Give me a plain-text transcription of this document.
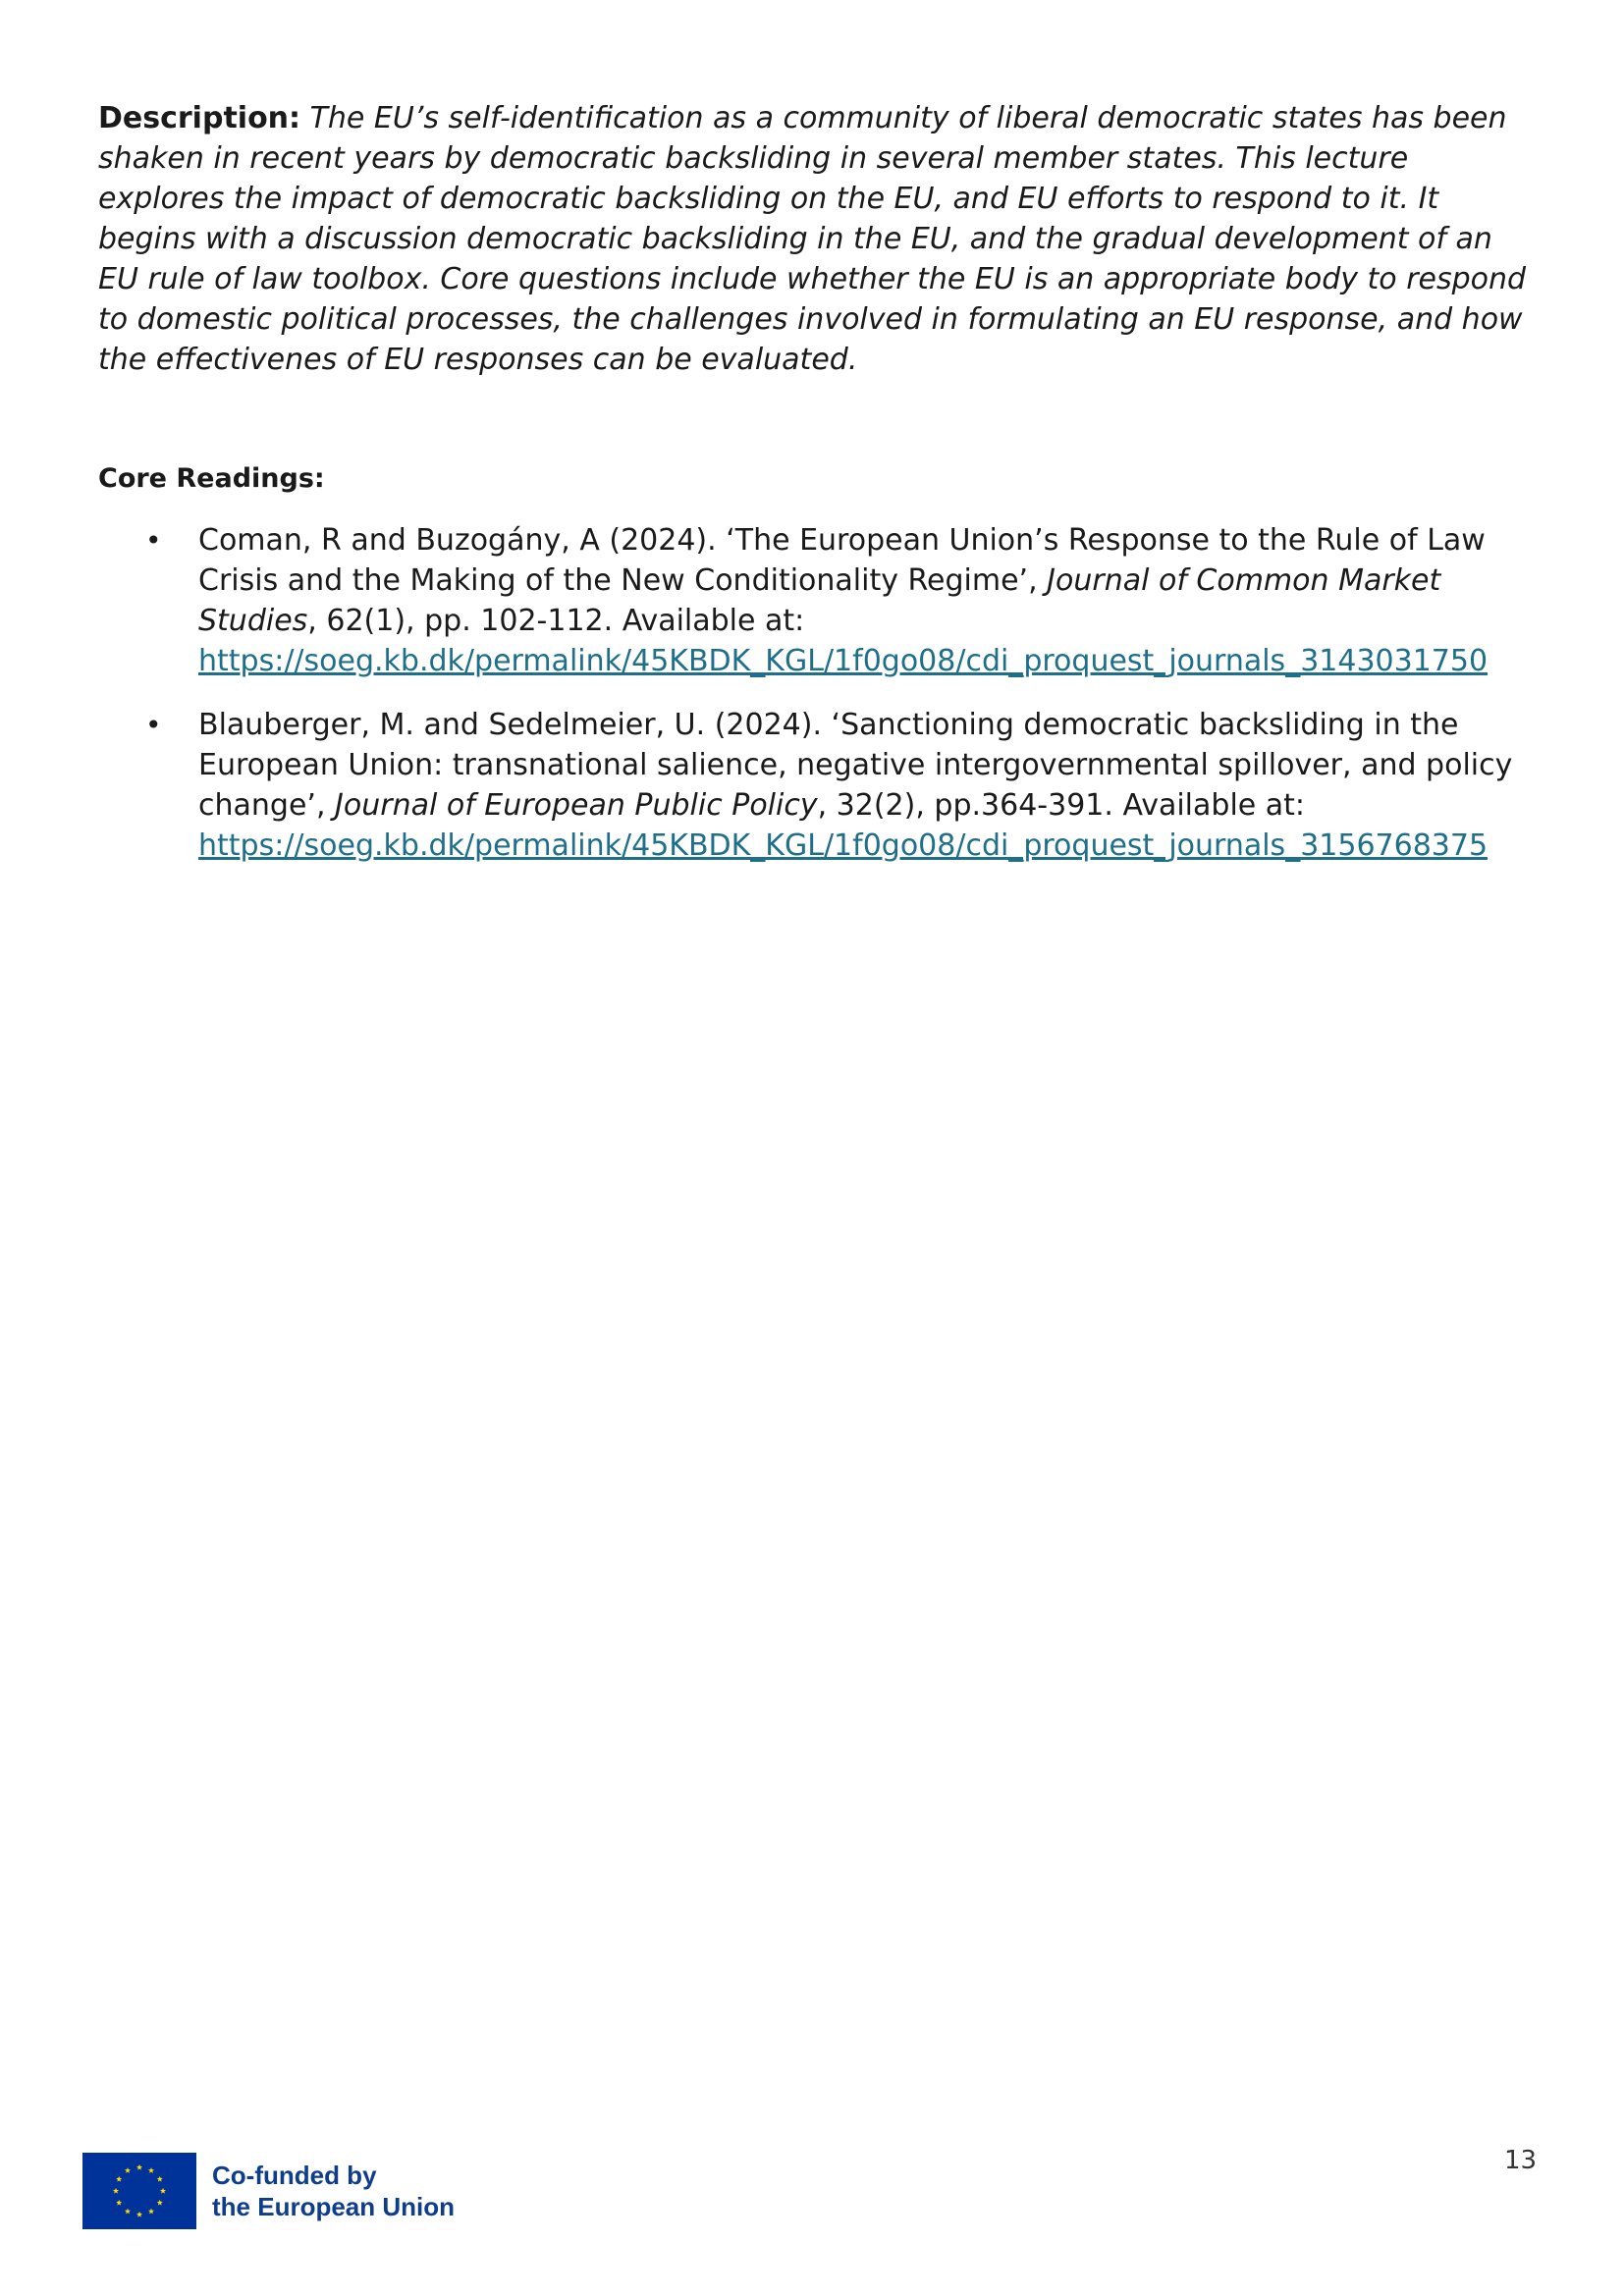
Description: The EU’s self-identification as a community of liberal democratic states has been shaken in recent years by democratic backsliding in several member states. This lecture explores the impact of democratic backsliding on the EU, and EU efforts to respond to it. It begins with a discussion democratic backsliding in the EU, and the gradual development of an EU rule of law toolbox. Core questions include whether the EU is an appropriate body to respond to domestic political processes, the challenges involved in formulating an EU response, and how the effectivenes of EU responses can be evaluated.
Core Readings:
• Coman, R and Buzogány, A (2024). ‘The European Union’s Response to the Rule of Law Crisis and the Making of the New Conditionality Regime’, Journal of Common Market Studies, 62(1), pp. 102-112. Available at: https://soeg.kb.dk/permalink/45KBDK_KGL/1f0go08/cdi_proquest_journals_3143031750
• Blauberger, M. and Sedelmeier, U. (2024). ‘Sanctioning democratic backsliding in the European Union: transnational salience, negative intergovernmental spillover, and policy change’, Journal of European Public Policy, 32(2), pp.364-391. Available at: https://soeg.kb.dk/permalink/45KBDK_KGL/1f0go08/cdi_proquest_journals_3156768375
Co-funded by
the European Union
13
